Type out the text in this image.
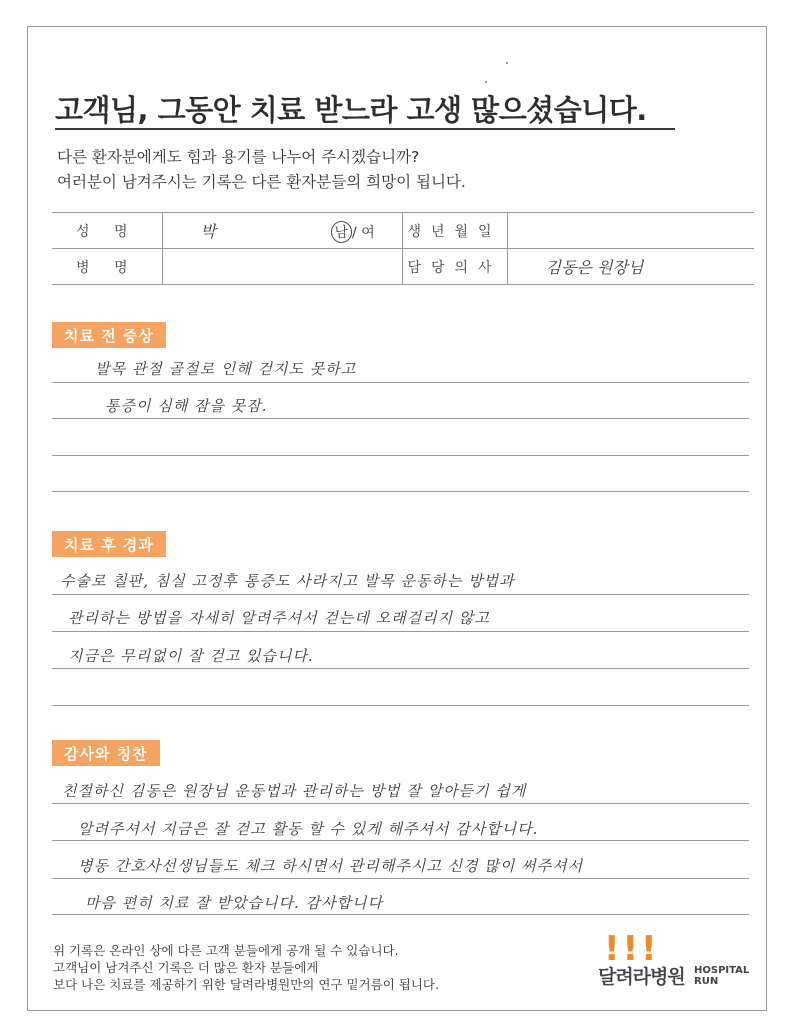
고객님, 그동안 치료 받느라 고생 많으셨습니다.
다른 환자분에게도 힘과 용기를 나누어 주시겠습니까?
여러분이 남겨주시는 기록은 다른 환자분들의 희망이 됩니다.
성 명	박 남 / 여	생년월일	
병 명		담당의사	김동은 원장님
치료 전 증상
발목 관절 골절로 인해 걷지도 못하고
통증이 심해 잠을 못잠.
치료 후 경과
수술로 칠판, 침실 고정후 통증도 사라지고 발목 운동하는 방법과
관리하는 방법을 자세히 알려주셔서 걷는데 오래걸리지 않고
지금은 무리없이 잘 걷고 있습니다.
감사와 칭찬
친절하신 김동은 원장님 운동법과 관리하는 방법 잘 알아듣기 쉽게
알려주셔서 지금은 잘 걷고 활동 할 수 있게 해주셔서 감사합니다.
병동 간호사선생님들도 체크 하시면서 관리해주시고 신경 많이 써주셔서
마음 편히 치료 잘 받았습니다. 감사합니다
위 기록은 온라인 상에 다른 고객 분들에게 공개 될 수 있습니다.
고객님이 남겨주신 기록은 더 많은 환자 분들에게
보다 나은 치료를 제공하기 위한 달려라병원만의 연구 밑거름이 됩니다.
!!!
달려라병원 HOSPITAL
RUN
